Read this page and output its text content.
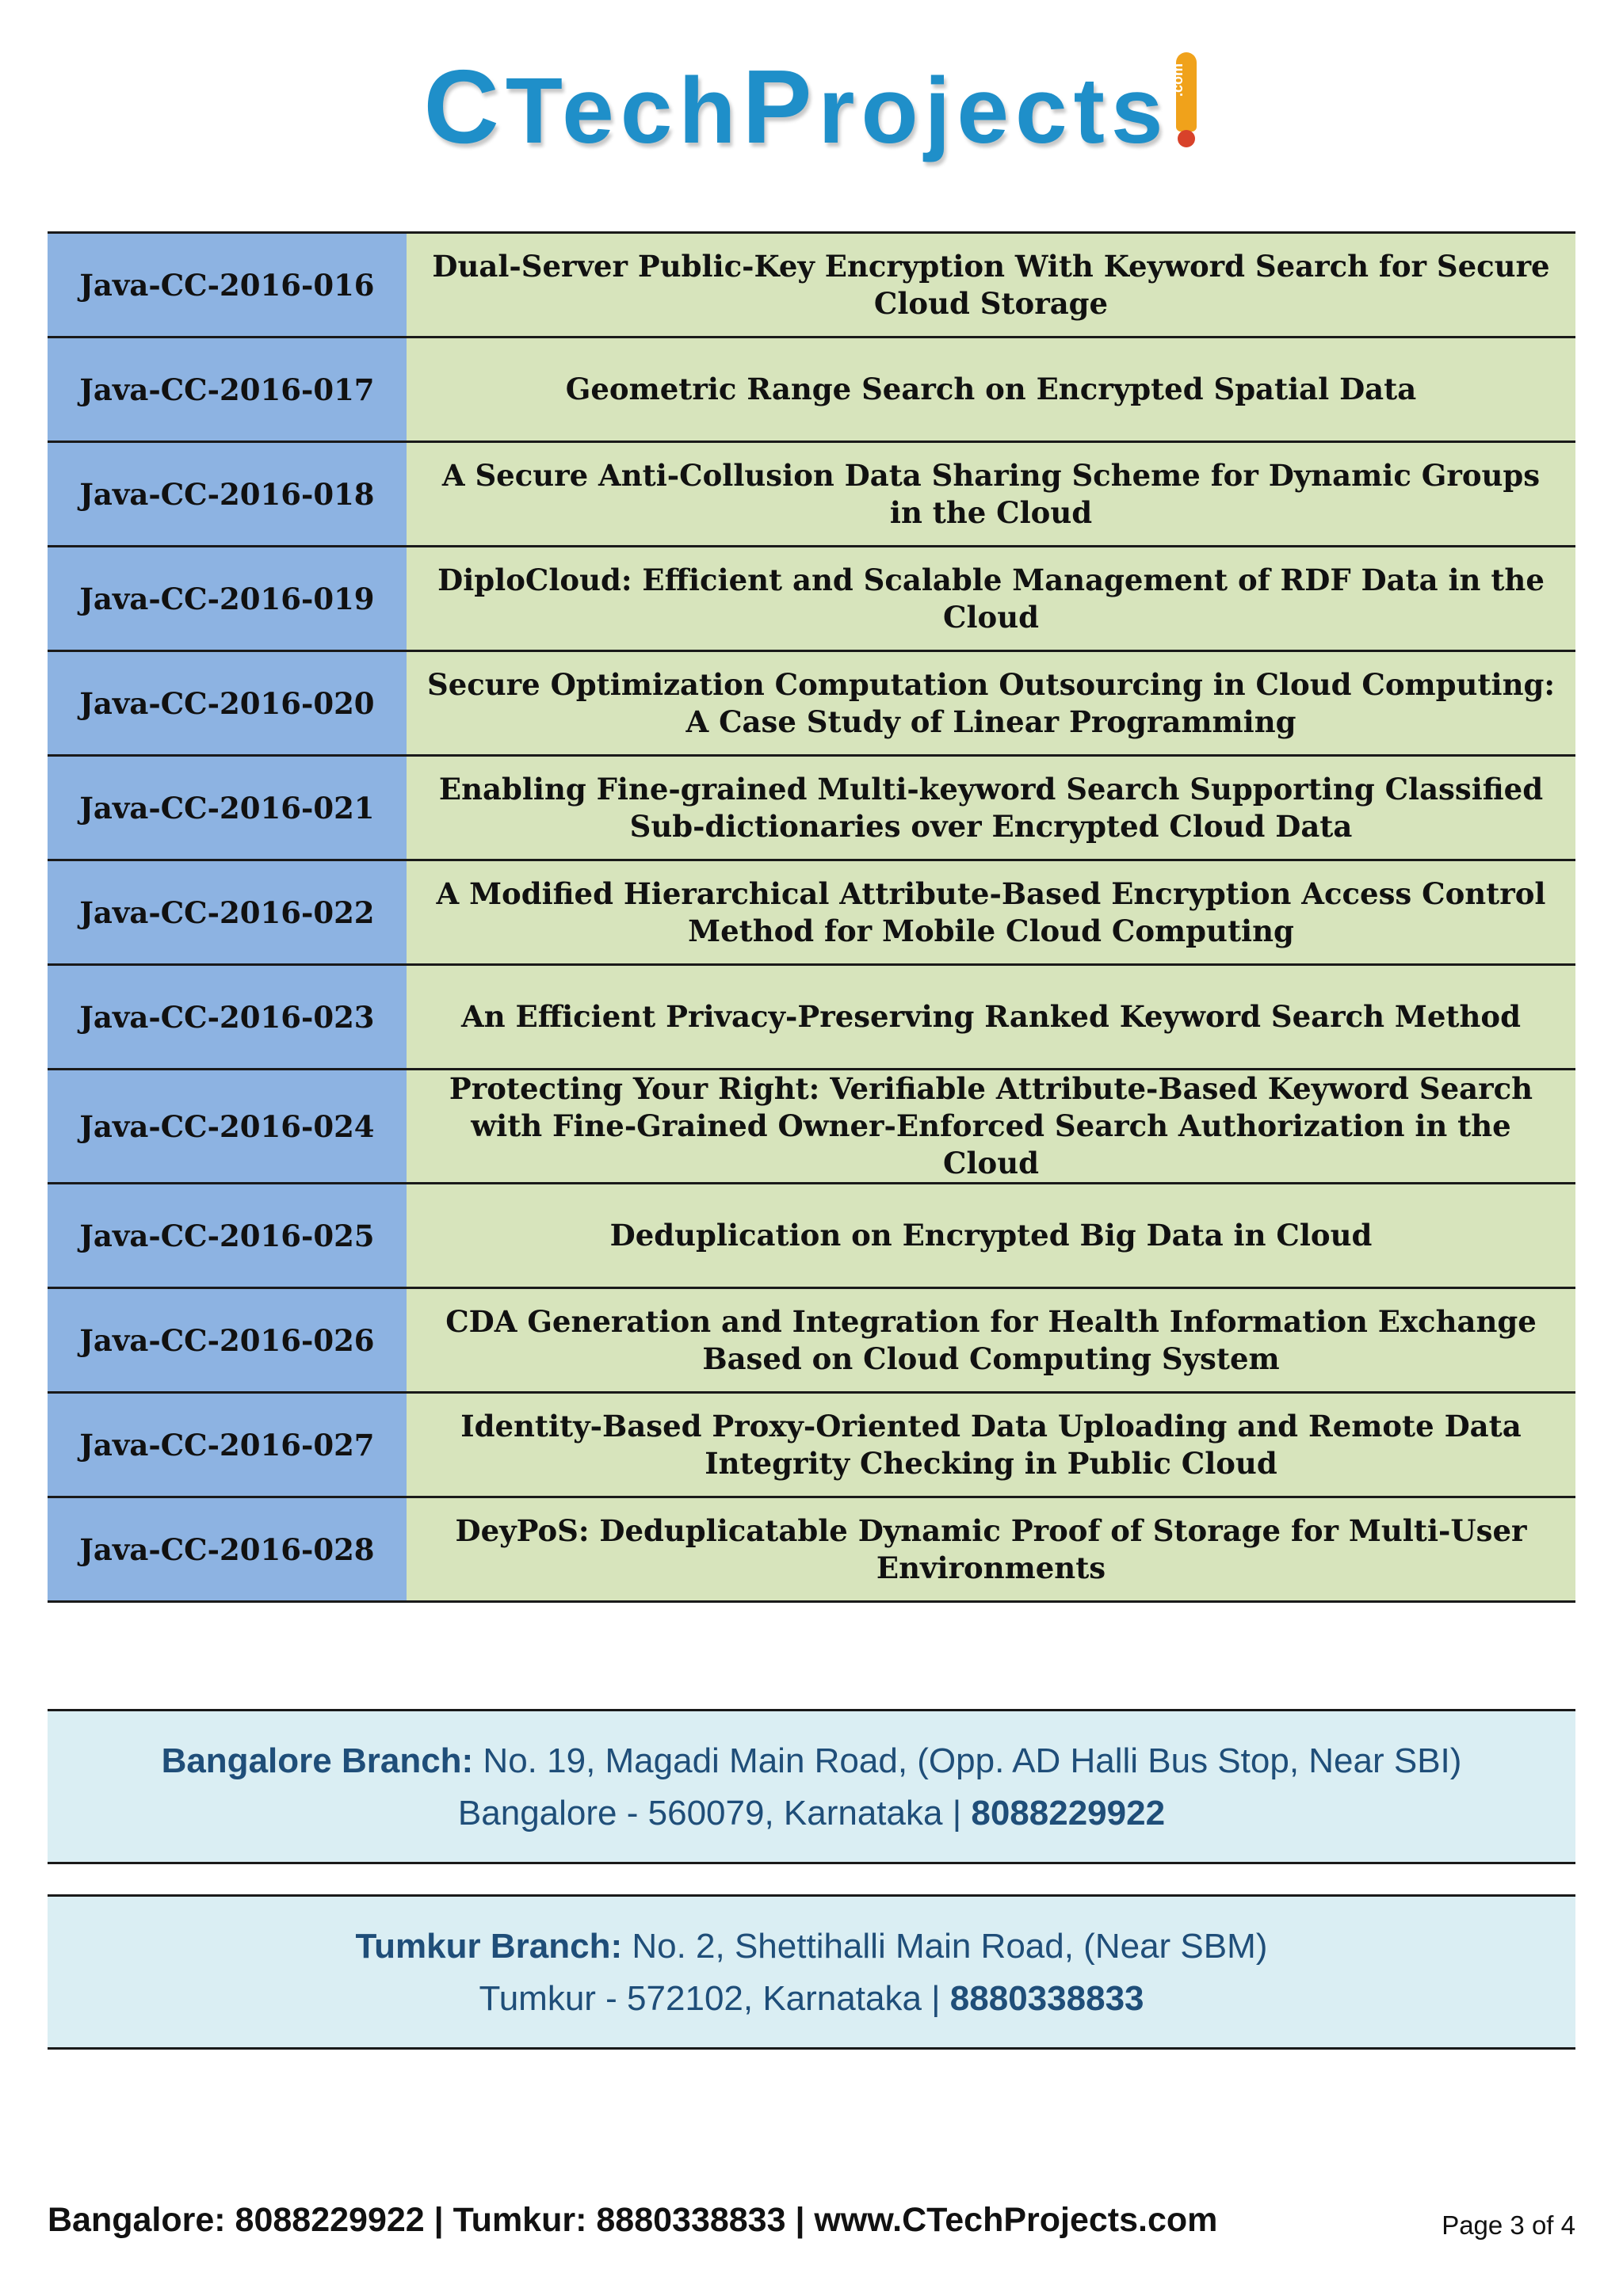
CTechProjects .com
Java-CC-2016-016	Dual-Server Public-Key Encryption With Keyword Search for Secure Cloud Storage
Java-CC-2016-017	Geometric Range Search on Encrypted Spatial Data
Java-CC-2016-018	A Secure Anti-Collusion Data Sharing Scheme for Dynamic Groups in the Cloud
Java-CC-2016-019	DiploCloud: Efficient and Scalable Management of RDF Data in the Cloud
Java-CC-2016-020	Secure Optimization Computation Outsourcing in Cloud Computing: A Case Study of Linear Programming
Java-CC-2016-021	Enabling Fine-grained Multi-keyword Search Supporting Classified Sub-dictionaries over Encrypted Cloud Data
Java-CC-2016-022	A Modified Hierarchical Attribute-Based Encryption Access Control Method for Mobile Cloud Computing
Java-CC-2016-023	An Efficient Privacy-Preserving Ranked Keyword Search Method
Java-CC-2016-024	Protecting Your Right: Verifiable Attribute-Based Keyword Search with Fine-Grained Owner-Enforced Search Authorization in the Cloud
Java-CC-2016-025	Deduplication on Encrypted Big Data in Cloud
Java-CC-2016-026	CDA Generation and Integration for Health Information Exchange Based on Cloud Computing System
Java-CC-2016-027	Identity-Based Proxy-Oriented Data Uploading and Remote Data Integrity Checking in Public Cloud
Java-CC-2016-028	DeyPoS: Deduplicatable Dynamic Proof of Storage for Multi-User Environments
Bangalore Branch: No. 19, Magadi Main Road, (Opp. AD Halli Bus Stop, Near SBI)
Bangalore - 560079, Karnataka | 8088229922
Tumkur Branch: No. 2, Shettihalli Main Road, (Near SBM)
Tumkur - 572102, Karnataka | 8880338833
Bangalore: 8088229922 | Tumkur: 8880338833 | www.CTechProjects.com	Page 3 of 4
